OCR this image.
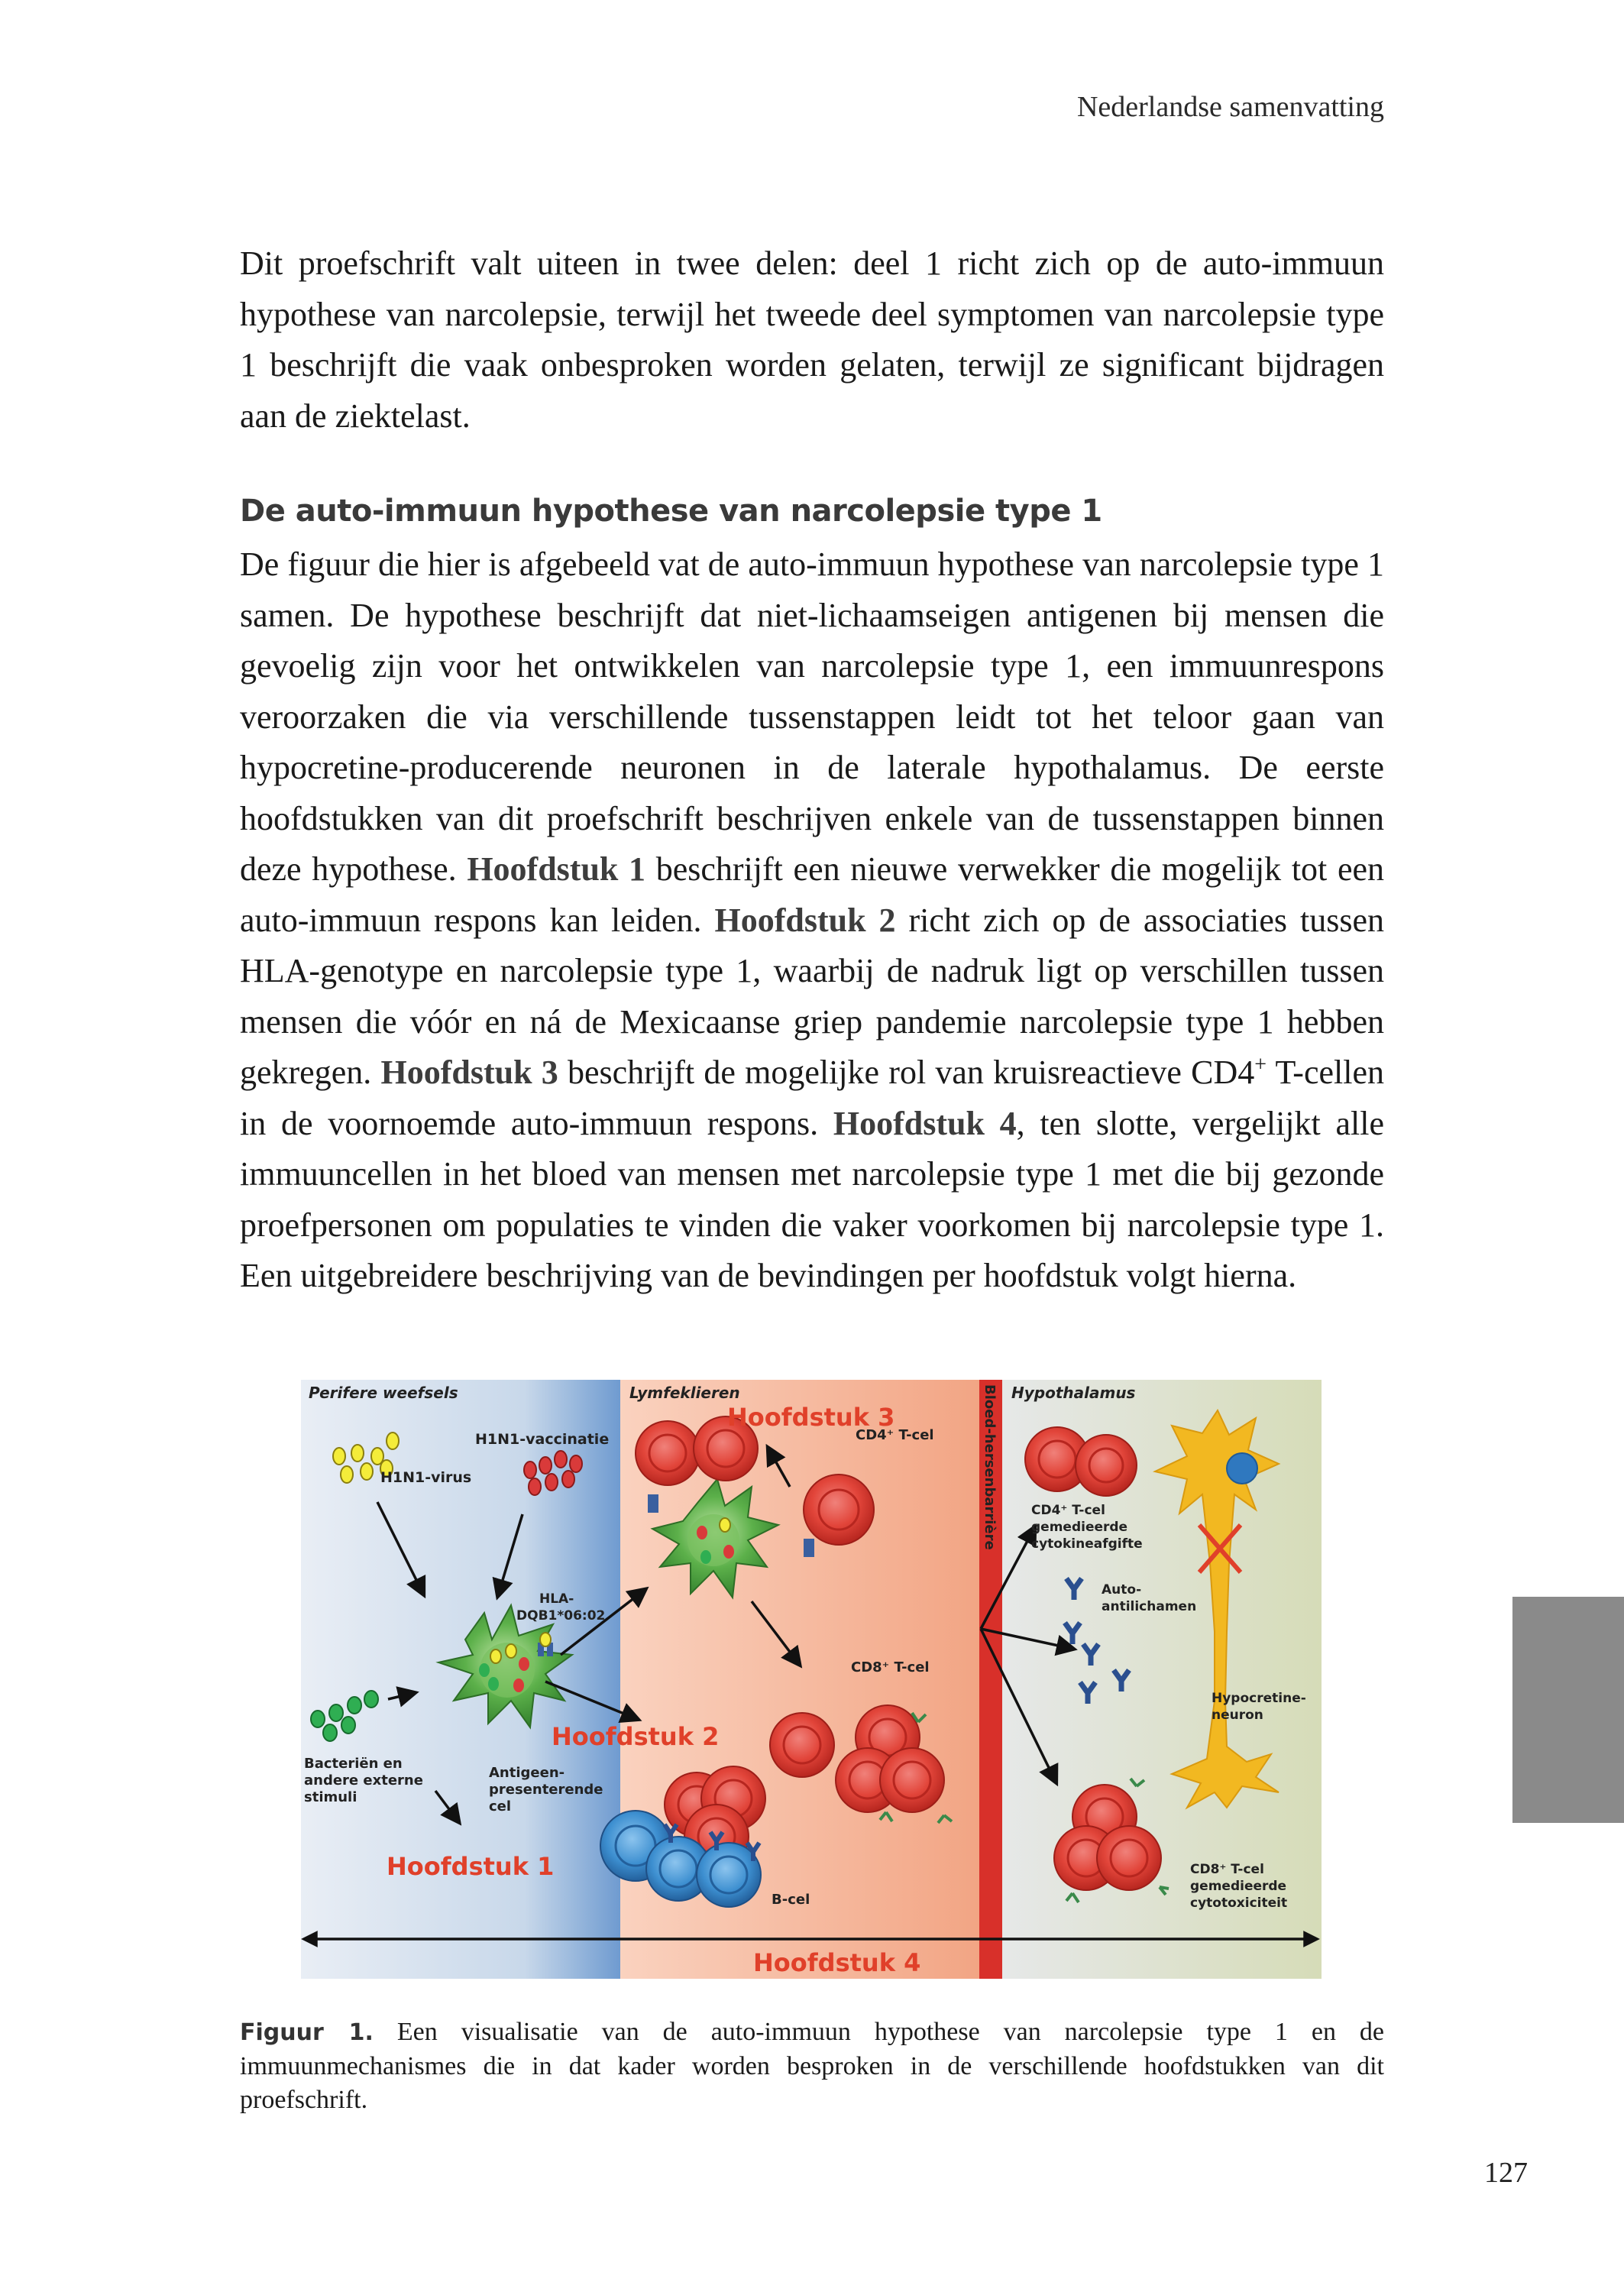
Nederlandse samenvatting

Dit proefschrift valt uiteen in twee delen: deel 1 richt zich op de auto-immuun hypothese van narcolepsie, terwijl het tweede deel symptomen van narcolepsie type 1 beschrijft die vaak onbesproken worden gelaten, terwijl ze significant bijdragen aan de ziektelast.

De auto-immuun hypothese van narcolepsie type 1

De figuur die hier is afgebeeld vat de auto-immuun hypothese van narcolepsie type 1 samen. De hypothese beschrijft dat niet-lichaamseigen antigenen bij mensen die gevoelig zijn voor het ontwikkelen van narcolepsie type 1, een immuunrespons veroorzaken die via verschillende tussenstappen leidt tot het teloor gaan van hypocretine-producerende neuronen in de laterale hypothalamus. De eerste hoofdstukken van dit proefschrift beschrijven enkele van de tussenstappen binnen deze hypothese. Hoofdstuk 1 beschrijft een nieuwe verwekker die mogelijk tot een auto-immuun respons kan leiden. Hoofdstuk 2 richt zich op de associaties tussen HLA-genotype en narcolepsie type 1, waarbij de nadruk ligt op verschillen tussen mensen die vóór en ná de Mexicaanse griep pandemie narcolepsie type 1 hebben gekregen. Hoofdstuk 3 beschrijft de mogelijke rol van kruisreactieve CD4+ T-cellen in de voornoemde auto-immuun respons. Hoofdstuk 4, ten slotte, vergelijkt alle immuuncellen in het bloed van mensen met narcolepsie type 1 met die bij gezonde proefpersonen om populaties te vinden die vaker voorkomen bij narcolepsie type 1. Een uitgebreidere beschrijving van de bevindingen per hoofdstuk volgt hierna.

Perifere weefsels	Lymfeklieren	Hypothalamus
Bloed-hersenbarrière
H1N1-virus
H1N1-vaccinatie
Bacteriën en
andere externe
stimuli
HLA-
DQB1*06:02
Antigeen-
presenterende
cel
Hoofdstuk 1
Hoofdstuk 3
CD4⁺ T-cel
CD8⁺ T-cel
Hoofdstuk 2
B-cel
CD4⁺ T-cel
gemedieerde
cytokineafgifte
Auto-
antilichamen
Hypocretine-
neuron
CD8⁺ T-cel
gemedieerde
cytotoxiciteit
Hoofdstuk 4

Figuur 1. Een visualisatie van de auto-immuun hypothese van narcolepsie type 1 en de immuunmechanismes die in dat kader worden besproken in de verschillende hoofdstukken van dit proefschrift.

127
